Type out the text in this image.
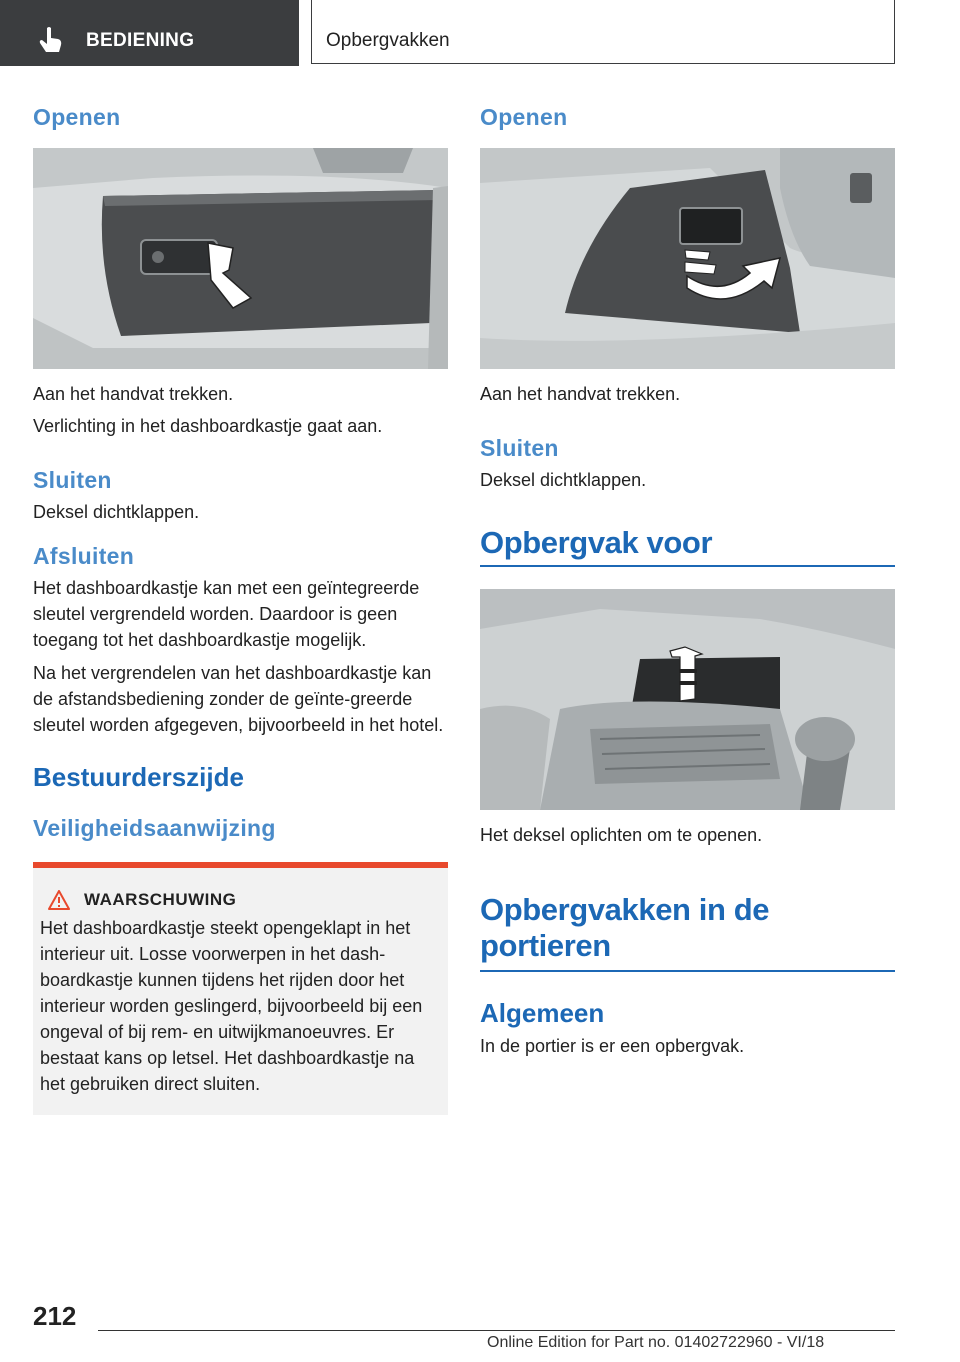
BEDIENING	Opbergvakken
Openen

Aan het handvat trekken.

Verlichting in het dashboardkastje gaat aan.

Sluiten

Deksel dichtklappen.

Afsluiten

Het dashboardkastje kan met een geïntegreerde sleutel vergrendeld worden. Daardoor is geen toegang tot het dashboardkastje mogelijk.

Na het vergrendelen van het dashboardkastje kan de afstandsbediening zonder de geïnte-greerde sleutel worden afgegeven, bijvoorbeeld in het hotel.

Bestuurderszijde
Veiligheidsaanwijzing
WAARSCHUWING

Het dashboardkastje steekt opengeklapt in het interieur uit. Losse voorwerpen in het dash-boardkastje kunnen tijdens het rijden door het interieur worden geslingerd, bijvoorbeeld bij een ongeval of bij rem- en uitwijkmanoeuvres. Er bestaat kans op letsel. Het dashboardkastje na het gebruiken direct sluiten.

Openen

Aan het handvat trekken.

Sluiten

Deksel dichtklappen.

Opbergvak voor

Het deksel oplichten om te openen.

Opbergvakken in de portieren
Algemeen

In de portier is er een opbergvak.

212
Online Edition for Part no. 01402722960 - VI/18
